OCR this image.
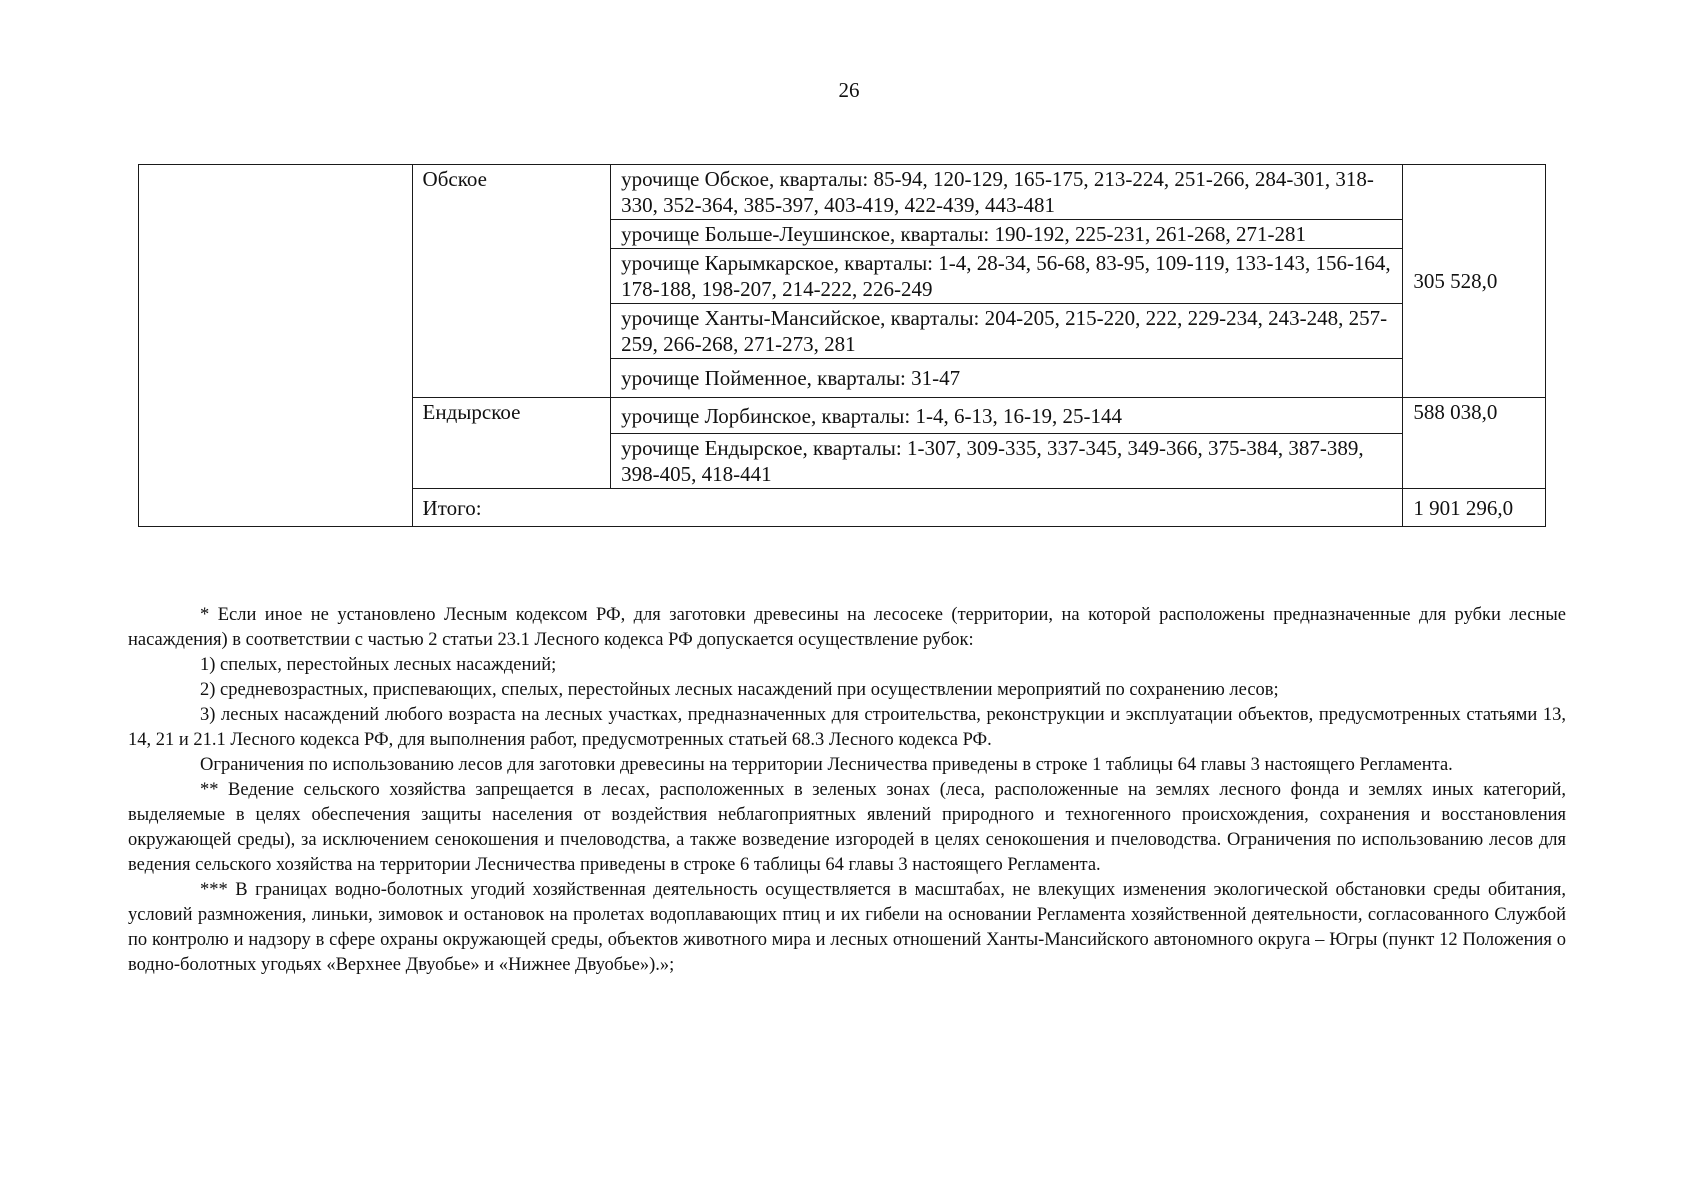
26
	Обское	урочище Обское, кварталы: 85-94, 120-129, 165-175, 213-224, 251-266, 284-301, 318-330, 352-364, 385-397, 403-419, 422-439, 443-481	305 528,0
		урочище Больше-Леушинское, кварталы: 190-192, 225-231, 261-268, 271-281	
		урочище Карымкарское, кварталы: 1-4, 28-34, 56-68, 83-95, 109-119, 133-143, 156-164, 178-188, 198-207, 214-222, 226-249	
		урочище Ханты-Мансийское, кварталы: 204-205, 215-220, 222, 229-234, 243-248, 257-259, 266-268, 271-273, 281	
		урочище Пойменное, кварталы: 31-47	
	Ендырское	урочище Лорбинское, кварталы: 1-4, 6-13, 16-19, 25-144	588 038,0
		урочище Ендырское, кварталы: 1-307, 309-335, 337-345, 349-366, 375-384, 387-389, 398-405, 418-441	
	Итого:		1 901 296,0

* Если иное не установлено Лесным кодексом РФ, для заготовки древесины на лесосеке (территории, на которой расположены предназначенные для рубки лесные насаждения) в соответствии с частью 2 статьи 23.1 Лесного кодекса РФ допускается осуществление рубок:

1) спелых, перестойных лесных насаждений;

2) средневозрастных, приспевающих, спелых, перестойных лесных насаждений при осуществлении мероприятий по сохранению лесов;

3) лесных насаждений любого возраста на лесных участках, предназначенных для строительства, реконструкции и эксплуатации объектов, предусмотренных статьями 13, 14, 21 и 21.1 Лесного кодекса РФ, для выполнения работ, предусмотренных статьей 68.3 Лесного кодекса РФ.

Ограничения по использованию лесов для заготовки древесины на территории Лесничества приведены в строке 1 таблицы 64 главы 3 настоящего Регламента.

** Ведение сельского хозяйства запрещается в лесах, расположенных в зеленых зонах (леса, расположенные на землях лесного фонда и землях иных категорий, выделяемые в целях обеспечения защиты населения от воздействия неблагоприятных явлений природного и техногенного происхождения, сохранения и восстановления окружающей среды), за исключением сенокошения и пчеловодства, а также возведение изгородей в целях сенокошения и пчеловодства. Ограничения по использованию лесов для ведения сельского хозяйства на территории Лесничества приведены в строке 6 таблицы 64 главы 3 настоящего Регламента.

*** В границах водно-болотных угодий хозяйственная деятельность осуществляется в масштабах, не влекущих изменения экологической обстановки среды обитания, условий размножения, линьки, зимовок и остановок на пролетах водоплавающих птиц и их гибели на основании Регламента хозяйственной деятельности, согласованного Службой по контролю и надзору в сфере охраны окружающей среды, объектов животного мира и лесных отношений Ханты-Мансийского автономного округа – Югры (пункт 12 Положения о водно-болотных угодьях «Верхнее Двуобье» и «Нижнее Двуобье»).»;
